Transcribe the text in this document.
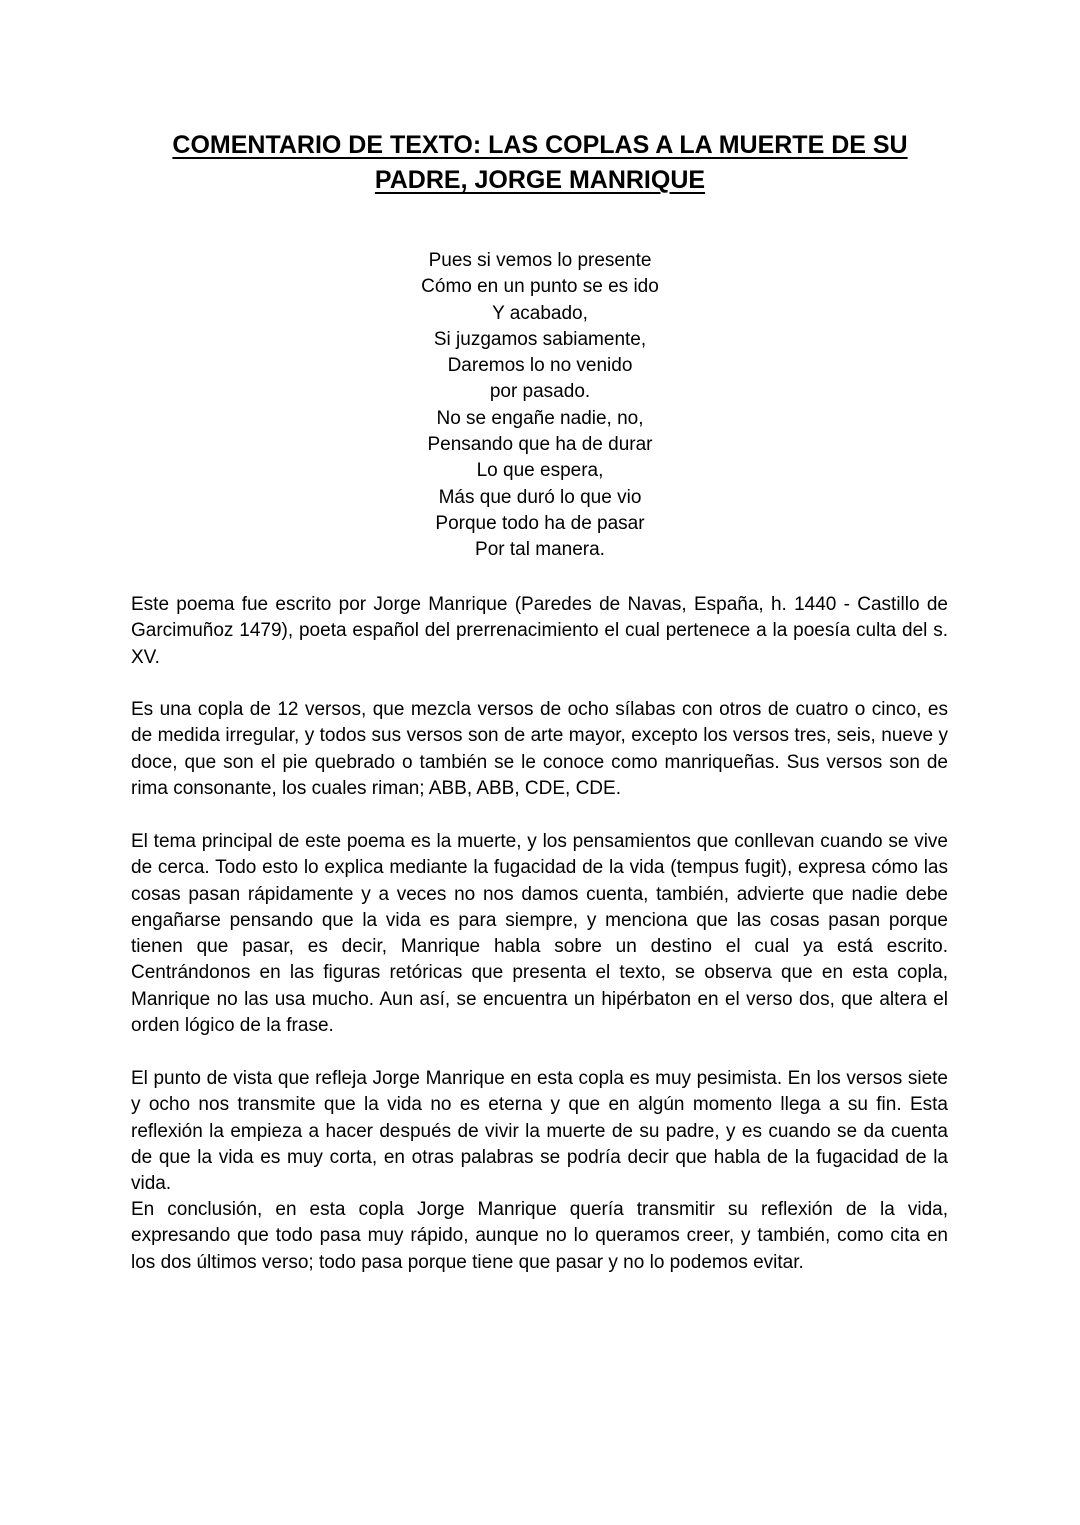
COMENTARIO DE TEXTO: LAS COPLAS A LA MUERTE DE SU PADRE, JORGE MANRIQUE
Pues si vemos lo presente
Cómo en un punto se es ido
Y acabado,
Si juzgamos sabiamente,
Daremos lo no venido
por pasado.
No se engañe nadie, no,
Pensando que ha de durar
Lo que espera,
Más que duró lo que vio
Porque todo ha de pasar
Por tal manera.

Este poema fue escrito por Jorge Manrique (Paredes de Navas, España, h. 1440 - Castillo de Garcimuñoz 1479), poeta español del prerrenacimiento el cual pertenece a la poesía culta del s. XV.

Es una copla de 12 versos, que mezcla versos de ocho sílabas con otros de cuatro o cinco, es de medida irregular, y todos sus versos son de arte mayor, excepto los versos tres, seis, nueve y doce, que son el pie quebrado o también se le conoce como manriqueñas. Sus versos son de rima consonante, los cuales riman; ABB, ABB, CDE, CDE.

El tema principal de este poema es la muerte, y los pensamientos que conllevan cuando se vive de cerca. Todo esto lo explica mediante la fugacidad de la vida (tempus fugit), expresa cómo las cosas pasan rápidamente y a veces no nos damos cuenta, también, advierte que nadie debe engañarse pensando que la vida es para siempre, y menciona que las cosas pasan porque tienen que pasar, es decir, Manrique habla sobre un destino el cual ya está escrito. Centrándonos en las figuras retóricas que presenta el texto, se observa que en esta copla, Manrique no las usa mucho. Aun así, se encuentra un hipérbaton en el verso dos, que altera el orden lógico de la frase.

El punto de vista que refleja Jorge Manrique en esta copla es muy pesimista. En los versos siete y ocho nos transmite que la vida no es eterna y que en algún momento llega a su fin. Esta reflexión la empieza a hacer después de vivir la muerte de su padre, y es cuando se da cuenta de que la vida es muy corta, en otras palabras se podría decir que habla de la fugacidad de la vida.

En conclusión, en esta copla Jorge Manrique quería transmitir su reflexión de la vida, expresando que todo pasa muy rápido, aunque no lo queramos creer, y también, como cita en los dos últimos verso; todo pasa porque tiene que pasar y no lo podemos evitar.
